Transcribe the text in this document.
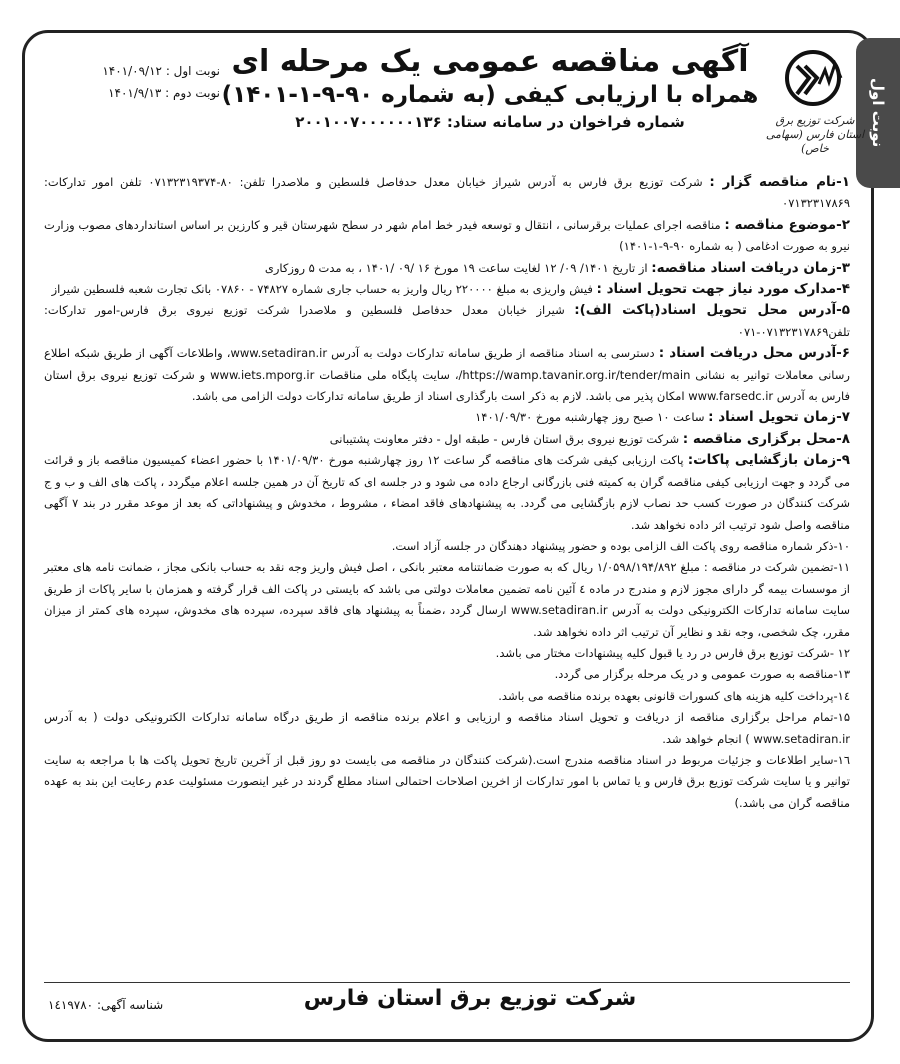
نوبت اول
شرکت توزیع برق
استان فارس (سهامی خاص)
نوبت اول : ۱۴۰۱/۰۹/۱۲
نوبت دوم : ۱۴۰۱/۹/۱۳
آگهی مناقصه عمومی یک مرحله ای
همراه با ارزیابی کیفی (به شماره ۹۰-۹-۱-۱۴۰۱)
شماره فراخوان در سامانه ستاد: ۲۰۰۱۰۰۷۰۰۰۰۰۰۱۳۶

۱-نام مناقصه گزار : شرکت توزیع برق فارس به آدرس شیراز خیابان معدل حدفاصل فلسطین و ملاصدرا تلفن: ۸۰-۰۷۱۳۲۳۱۹۳۷۴ تلفن امور تدارکات: ۰۷۱۳۲۳۱۷۸۶۹

۲-موضوع مناقصه : مناقصه اجرای عملیات برقرسانی ، انتقال و توسعه فیدر خط امام شهر در سطح شهرستان قیر و کارزین بر اساس استانداردهای مصوب وزارت نیرو به صورت ادغامی ( به شماره ۹۰-۹-۱-۱۴۰۱)

۳-زمان دریافت اسناد مناقصه: از تاریخ ۱۴۰۱/ ۰۹/ ۱۲ لغایت ساعت ۱۹ مورخ ۱۶ /۰۹ /۱۴۰۱ ، به مدت ۵ روزکاری

۴-مدارک مورد نیاز جهت تحویل اسناد : فیش واریزی به مبلغ ۲۲۰۰۰۰ ریال واریز به حساب جاری شماره ۷۴۸۲۷ - ۰۷۸۶۰ بانک تجارت شعبه فلسطین شیراز

۵-آدرس محل تحویل اسناد(پاکت الف): شیراز خیابان معدل حدفاصل فلسطین و ملاصدرا شرکت توزیع نیروی برق فارس-امور تدارکات: تلفن۰۷۱۳۲۳۱۷۸۶۹-۰۷۱

۶-آدرس محل دریافت اسناد : دسترسی به اسناد مناقصه از طریق سامانه تدارکات دولت به آدرس www.setadiran.ir، واطلاعات آگهی از طریق شبکه اطلاع رسانی معاملات توانیر به نشانی https://wamp.tavanir.org.ir/tender/main/، سایت پایگاه ملی مناقصات www.iets.mporg.ir و شرکت توزیع نیروی برق استان فارس به آدرس www.farsedc.ir امکان پذیر می باشد. لازم به ذکر است بارگذاری اسناد از طریق سامانه تدارکات دولت الزامی می باشد.

۷-زمان تحویل اسناد : ساعت ۱۰ صبح روز چهارشنبه مورخ ۱۴۰۱/۰۹/۳۰

۸-محل برگزاری مناقصه : شرکت توزیع نیروی برق استان فارس - طبقه اول - دفتر معاونت پشتیبانی

۹-زمان بازگشایی پاکات: پاکت ارزیابی کیفی شرکت های مناقصه گر ساعت ۱۲ روز چهارشنبه مورخ ۱۴۰۱/۰۹/۳۰ با حضور اعضاء کمیسیون مناقصه باز و قرائت می گردد و جهت ارزیابی کیفی مناقصه گران به کمیته فنی بازرگانی ارجاع داده می شود و در جلسه ای که تاریخ آن در همین جلسه اعلام میگردد ، پاکت های الف و ب و ج شرکت کنندگان در صورت کسب حد نصاب لازم بازگشایی می گردد. به پیشنهادهای فاقد امضاء ، مشروط ، مخدوش و پیشنهاداتی که بعد از موعد مقرر در بند ۷ آگهی مناقصه واصل شود ترتیب اثر داده نخواهد شد.

۱۰-ذکر شماره مناقصه روی پاکت الف الزامی بوده و حضور پیشنهاد دهندگان در جلسه آزاد است.

۱۱-تضمین شرکت در مناقصه : مبلغ ۱/۰۵۹۸/۱۹۴/۸۹۲ ریال که به صورت ضمانتنامه معتبر بانکی ، اصل فیش واریز وجه نقد به حساب بانکی مجاز ، ضمانت نامه های معتبر از موسسات بیمه گر دارای مجوز لازم و مندرج در ماده ٤ آئین نامه تضمین معاملات دولتی می باشد که بایستی در پاکت الف قرار گرفته و همزمان با سایر پاکات از طریق سایت سامانه تدارکات الکترونیکی دولت به آدرس www.setadiran.ir ارسال گردد ،ضمناً به پیشنهاد های فاقد سپرده، سپرده های مخدوش، سپرده های کمتر از میزان مقرر، چک شخصی، وجه نقد و نظایر آن ترتیب اثر داده نخواهد شد.

۱۲ -شرکت توزیع برق فارس در رد یا قبول کلیه پیشنهادات مختار می باشد.

۱۳-مناقصه به صورت عمومی و در یک مرحله برگزار می گردد.

۱٤-پرداخت کلیه هزینه های کسورات قانونی بعهده برنده مناقصه می باشد.

۱۵-تمام مراحل برگزاری مناقصه از دریافت و تحویل اسناد مناقصه و ارزیابی و اعلام برنده مناقصه از طریق درگاه سامانه تدارکات الکترونیکی دولت ( به آدرس www.setadiran.ir ) انجام خواهد شد.

۱٦-سایر اطلاعات و جزئیات مربوط در اسناد مناقصه مندرج است.(شرکت کنندگان در مناقصه می بایست دو روز قبل از آخرین تاریخ تحویل پاکت ها با مراجعه به سایت توانیر و یا سایت شرکت توزیع برق فارس و یا تماس با امور تدارکات از اخرین اصلاحات احتمالی اسناد مطلع گردند در غیر اینصورت مسئولیت عدم رعایت این بند به عهده مناقصه گران می باشد.)

شرکت توزیع برق استان فارس
شناسه آگهی: ۱٤۱۹۷۸۰
